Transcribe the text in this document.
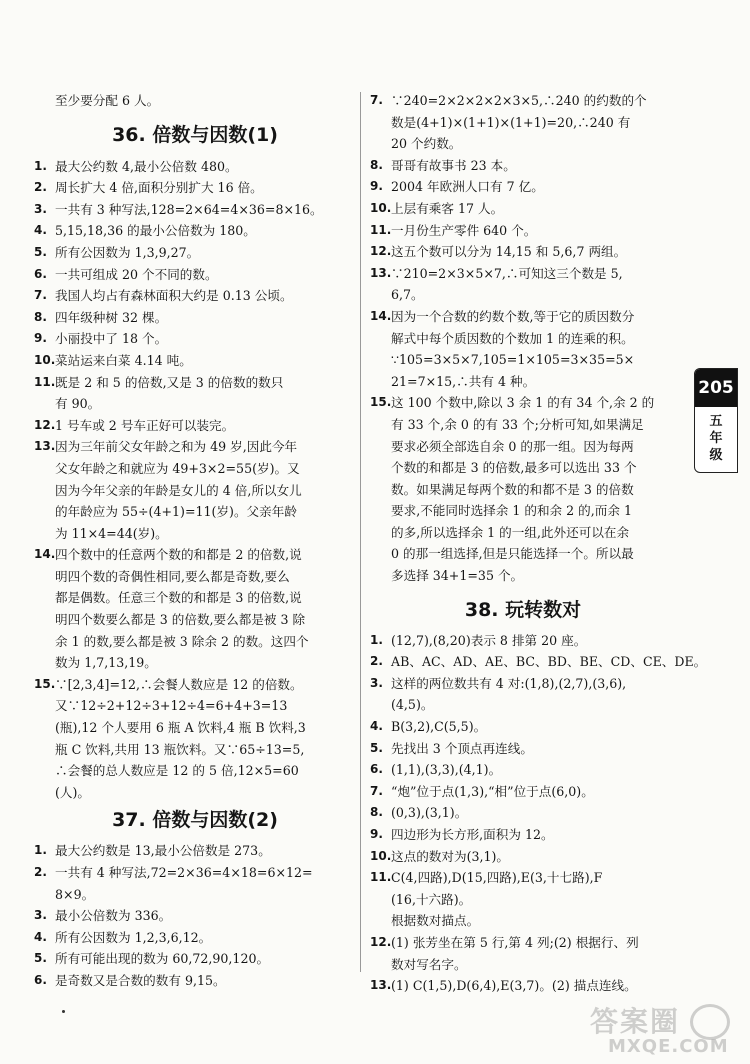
至少要分配 6 人。

36. 倍数与因数(1)
1. 最大公约数 4,最小公倍数 480。
2. 周长扩大 4 倍,面积分别扩大 16 倍。
3. 一共有 3 种写法,128=2×64=4×36=8×16。
4. 5,15,18,36 的最小公倍数为 180。
5. 所有公因数为 1,3,9,27。
6. 一共可组成 20 个不同的数。
7. 我国人均占有森林面积大约是 0.13 公顷。
8. 四年级种树 32 棵。
9. 小丽投中了 18 个。
10. 菜站运来白菜 4.14 吨。
11. 既是 2 和 5 的倍数,又是 3 的倍数的数只
有 90。
12. 1 号车或 2 号车正好可以装完。
13. 因为三年前父女年龄之和为 49 岁,因此今年
父女年龄之和就应为 49+3×2=55(岁)。又
因为今年父亲的年龄是女儿的 4 倍,所以女儿
的年龄应为 55÷(4+1)=11(岁)。父亲年龄
为 11×4=44(岁)。
14. 四个数中的任意两个数的和都是 2 的倍数,说
明四个数的奇偶性相同,要么都是奇数,要么
都是偶数。任意三个数的和都是 3 的倍数,说
明四个数要么都是 3 的倍数,要么都是被 3 除
余 1 的数,要么都是被 3 除余 2 的数。这四个
数为 1,7,13,19。
15. ∵[2,3,4]=12,∴会餐人数应是 12 的倍数。
又∵12÷2+12÷3+12÷4=6+4+3=13
(瓶),12 个人要用 6 瓶 A 饮料,4 瓶 B 饮料,3
瓶 C 饮料,共用 13 瓶饮料。又∵65÷13=5,
∴会餐的总人数应是 12 的 5 倍,12×5=60
(人)。
37. 倍数与因数(2)
1. 最大公约数是 13,最小公倍数是 273。
2. 一共有 4 种写法,72=2×36=4×18=6×12=
8×9。
3. 最小公倍数为 336。
4. 所有公因数为 1,2,3,6,12。
5. 所有可能出现的数为 60,72,90,120。
6. 是奇数又是合数的数有 9,15。
7. ∵240=2×2×2×2×3×5,∴240 的约数的个
数是(4+1)×(1+1)×(1+1)=20,∴240 有
20 个约数。
8. 哥哥有故事书 23 本。
9. 2004 年欧洲人口有 7 亿。
10. 上层有乘客 17 人。
11. 一月份生产零件 640 个。
12. 这五个数可以分为 14,15 和 5,6,7 两组。
13. ∵210=2×3×5×7,∴可知这三个数是 5,
6,7。
14. 因为一个合数的约数个数,等于它的质因数分
解式中每个质因数的个数加 1 的连乘的积。
∵105=3×5×7,105=1×105=3×35=5×
21=7×15,∴共有 4 种。
15. 这 100 个数中,除以 3 余 1 的有 34 个,余 2 的
有 33 个,余 0 的有 33 个;分析可知,如果满足
要求必须全部选自余 0 的那一组。因为每两
个数的和都是 3 的倍数,最多可以选出 33 个
数。如果满足每两个数的和都不是 3 的倍数
要求,不能同时选择余 1 的和余 2 的,而余 1
的多,所以选择余 1 的一组,此外还可以在余
0 的那一组选择,但是只能选择一个。所以最
多选择 34+1=35 个。
38. 玩转数对
1. (12,7),(8,20)表示 8 排第 20 座。
2. AB、AC、AD、AE、BC、BD、BE、CD、CE、DE。
3. 这样的两位数共有 4 对:(1,8),(2,7),(3,6),
(4,5)。
4. B(3,2),C(5,5)。
5. 先找出 3 个顶点再连线。
6. (1,1),(3,3),(4,1)。
7. “炮”位于点(1,3),“相”位于点(6,0)。
8. (0,3),(3,1)。
9. 四边形为长方形,面积为 12。
10. 这点的数对为(3,1)。
11. C(4,四路),D(15,四路),E(3,十七路),F
(16,十六路)。
根据数对描点。
12. (1) 张芳坐在第 5 行,第 4 列;(2) 根据行、列
数对写名字。
13. (1) C(1,5),D(6,4),E(3,7)。(2) 描点连线。
205
五年级
答案圈
MXQE.COM
